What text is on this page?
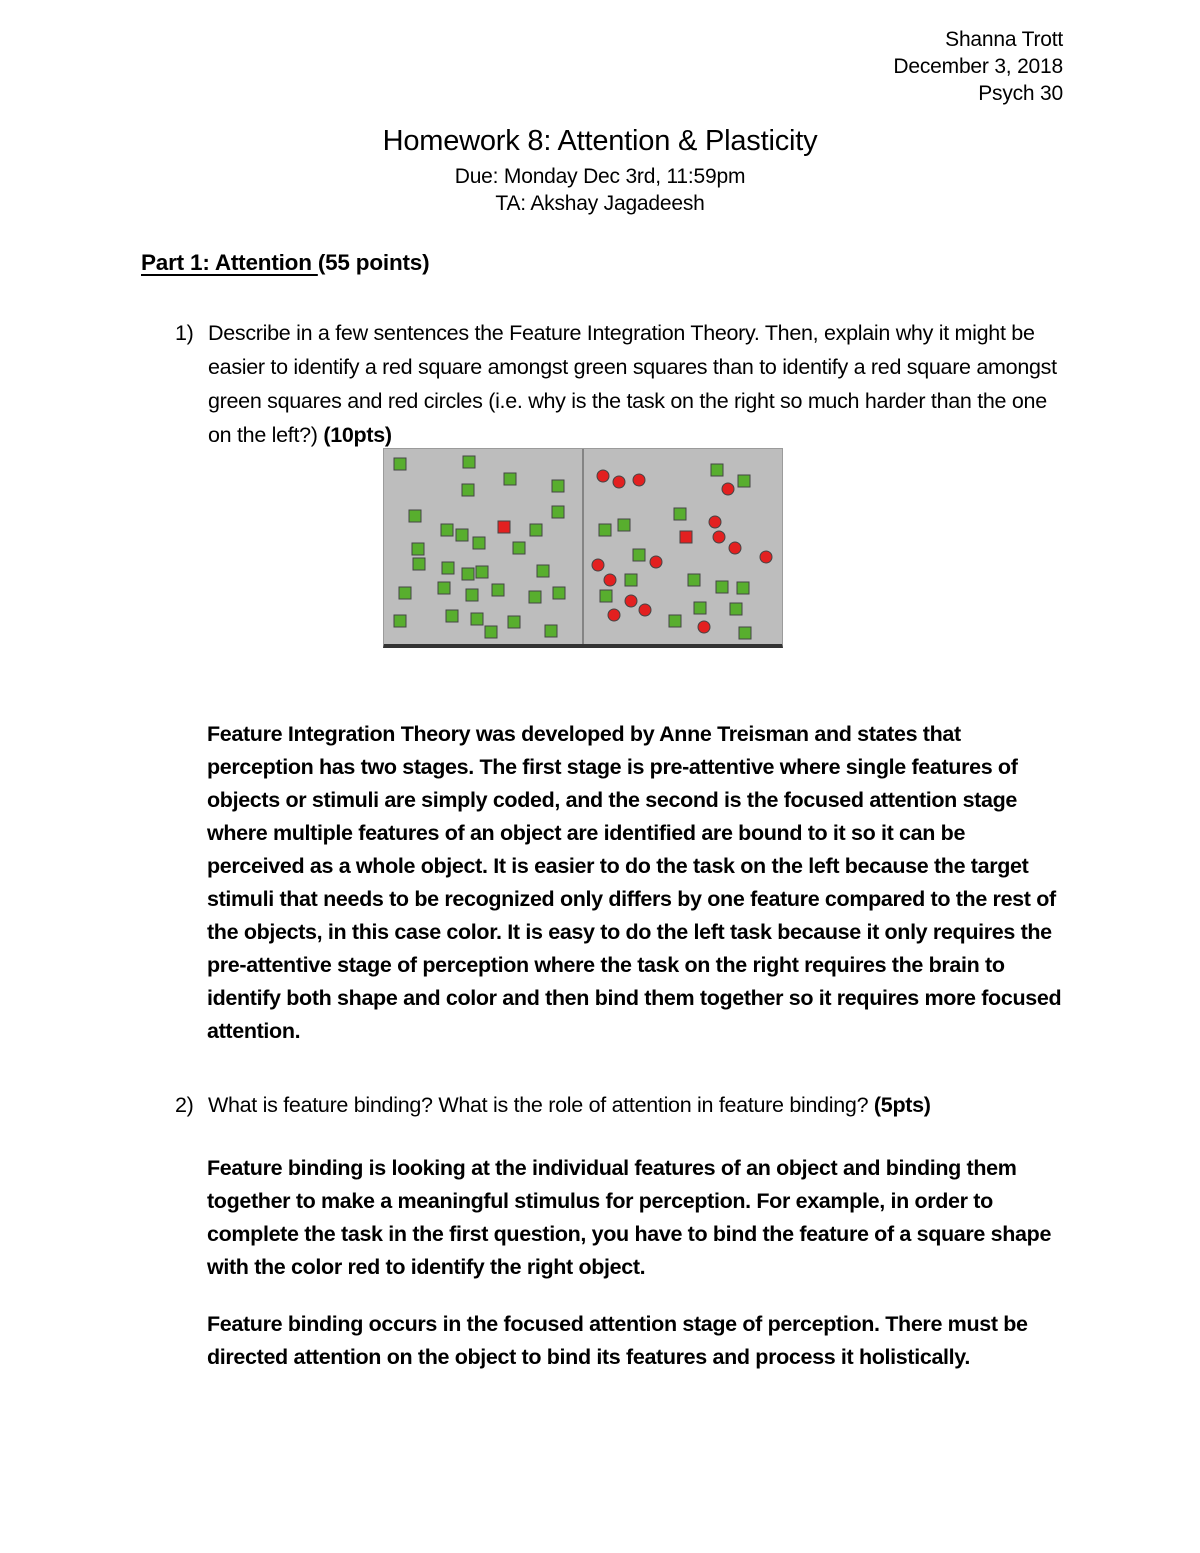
Shanna Trott
December 3, 2018
Psych 30
Homework 8: Attention & Plasticity
Due: Monday Dec 3rd, 11:59pm
TA: Akshay Jagadeesh
Part 1: Attention (55 points)
1) Describe in a few sentences the Feature Integration Theory. Then, explain why it might be easier to identify a red square amongst green squares than to identify a red square amongst green squares and red circles (i.e. why is the task on the right so much harder than the one on the left?) (10pts)
Feature Integration Theory was developed by Anne Treisman and states that perception has two stages. The first stage is pre-attentive where single features of objects or stimuli are simply coded, and the second is the focused attention stage where multiple features of an object are identified are bound to it so it can be perceived as a whole object. It is easier to do the task on the left because the target stimuli that needs to be recognized only differs by one feature compared to the rest of the objects, in this case color. It is easy to do the left task because it only requires the pre-attentive stage of perception where the task on the right requires the brain to identify both shape and color and then bind them together so it requires more focused attention.
2) What is feature binding? What is the role of attention in feature binding? (5pts)
Feature binding is looking at the individual features of an object and binding them together to make a meaningful stimulus for perception. For example, in order to complete the task in the first question, you have to bind the feature of a square shape with the color red to identify the right object.
Feature binding occurs in the focused attention stage of perception. There must be directed attention on the object to bind its features and process it holistically.
